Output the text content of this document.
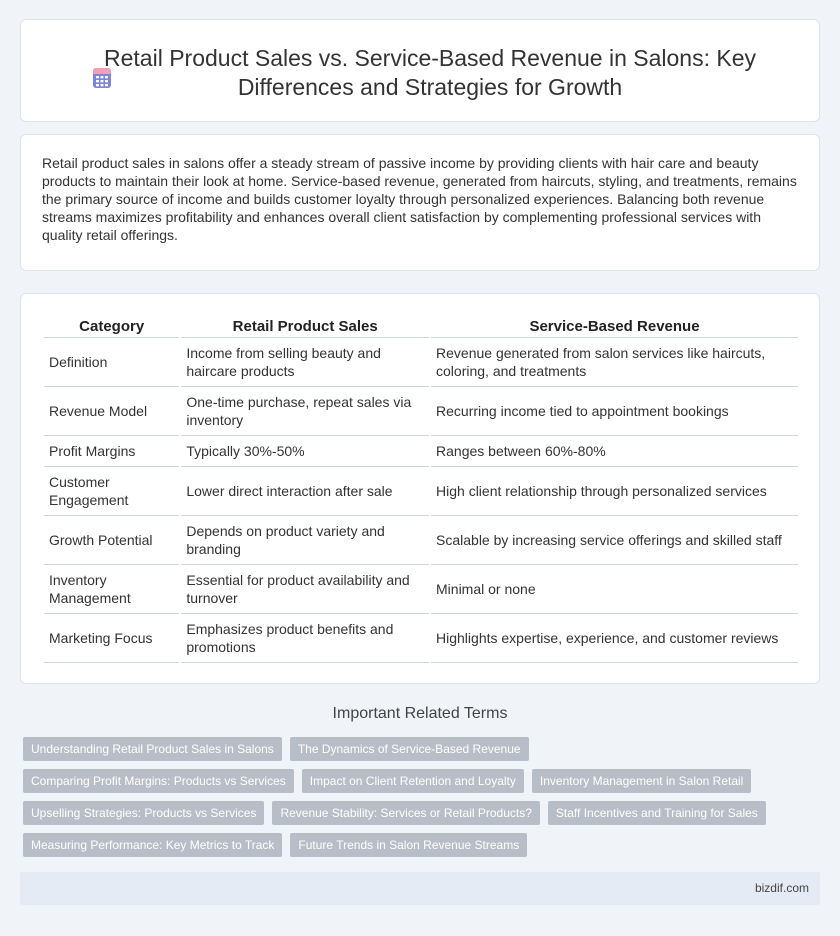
Retail Product Sales vs. Service-Based Revenue in Salons: Key Differences and Strategies for Growth

Retail product sales in salons offer a steady stream of passive income by providing clients with hair care and beauty products to maintain their look at home. Service-based revenue, generated from haircuts, styling, and treatments, remains the primary source of income and builds customer loyalty through personalized experiences. Balancing both revenue streams maximizes profitability and enhances overall client satisfaction by complementing professional services with quality retail offerings.

Category	Retail Product Sales	Service-Based Revenue
Definition	Income from selling beauty and haircare products	Revenue generated from salon services like haircuts, coloring, and treatments
Revenue Model	One-time purchase, repeat sales via inventory	Recurring income tied to appointment bookings
Profit Margins	Typically 30%-50%	Ranges between 60%-80%
Customer Engagement	Lower direct interaction after sale	High client relationship through personalized services
Growth Potential	Depends on product variety and branding	Scalable by increasing service offerings and skilled staff
Inventory Management	Essential for product availability and turnover	Minimal or none
Marketing Focus	Emphasizes product benefits and promotions	Highlights expertise, experience, and customer reviews
Important Related Terms
Understanding Retail Product Sales in Salons	The Dynamics of Service-Based Revenue
Comparing Profit Margins: Products vs Services	Impact on Client Retention and Loyalty	Inventory Management in Salon Retail
Upselling Strategies: Products vs Services	Revenue Stability: Services or Retail Products?	Staff Incentives and Training for Sales
Measuring Performance: Key Metrics to Track	Future Trends in Salon Revenue Streams
bizdif.com
